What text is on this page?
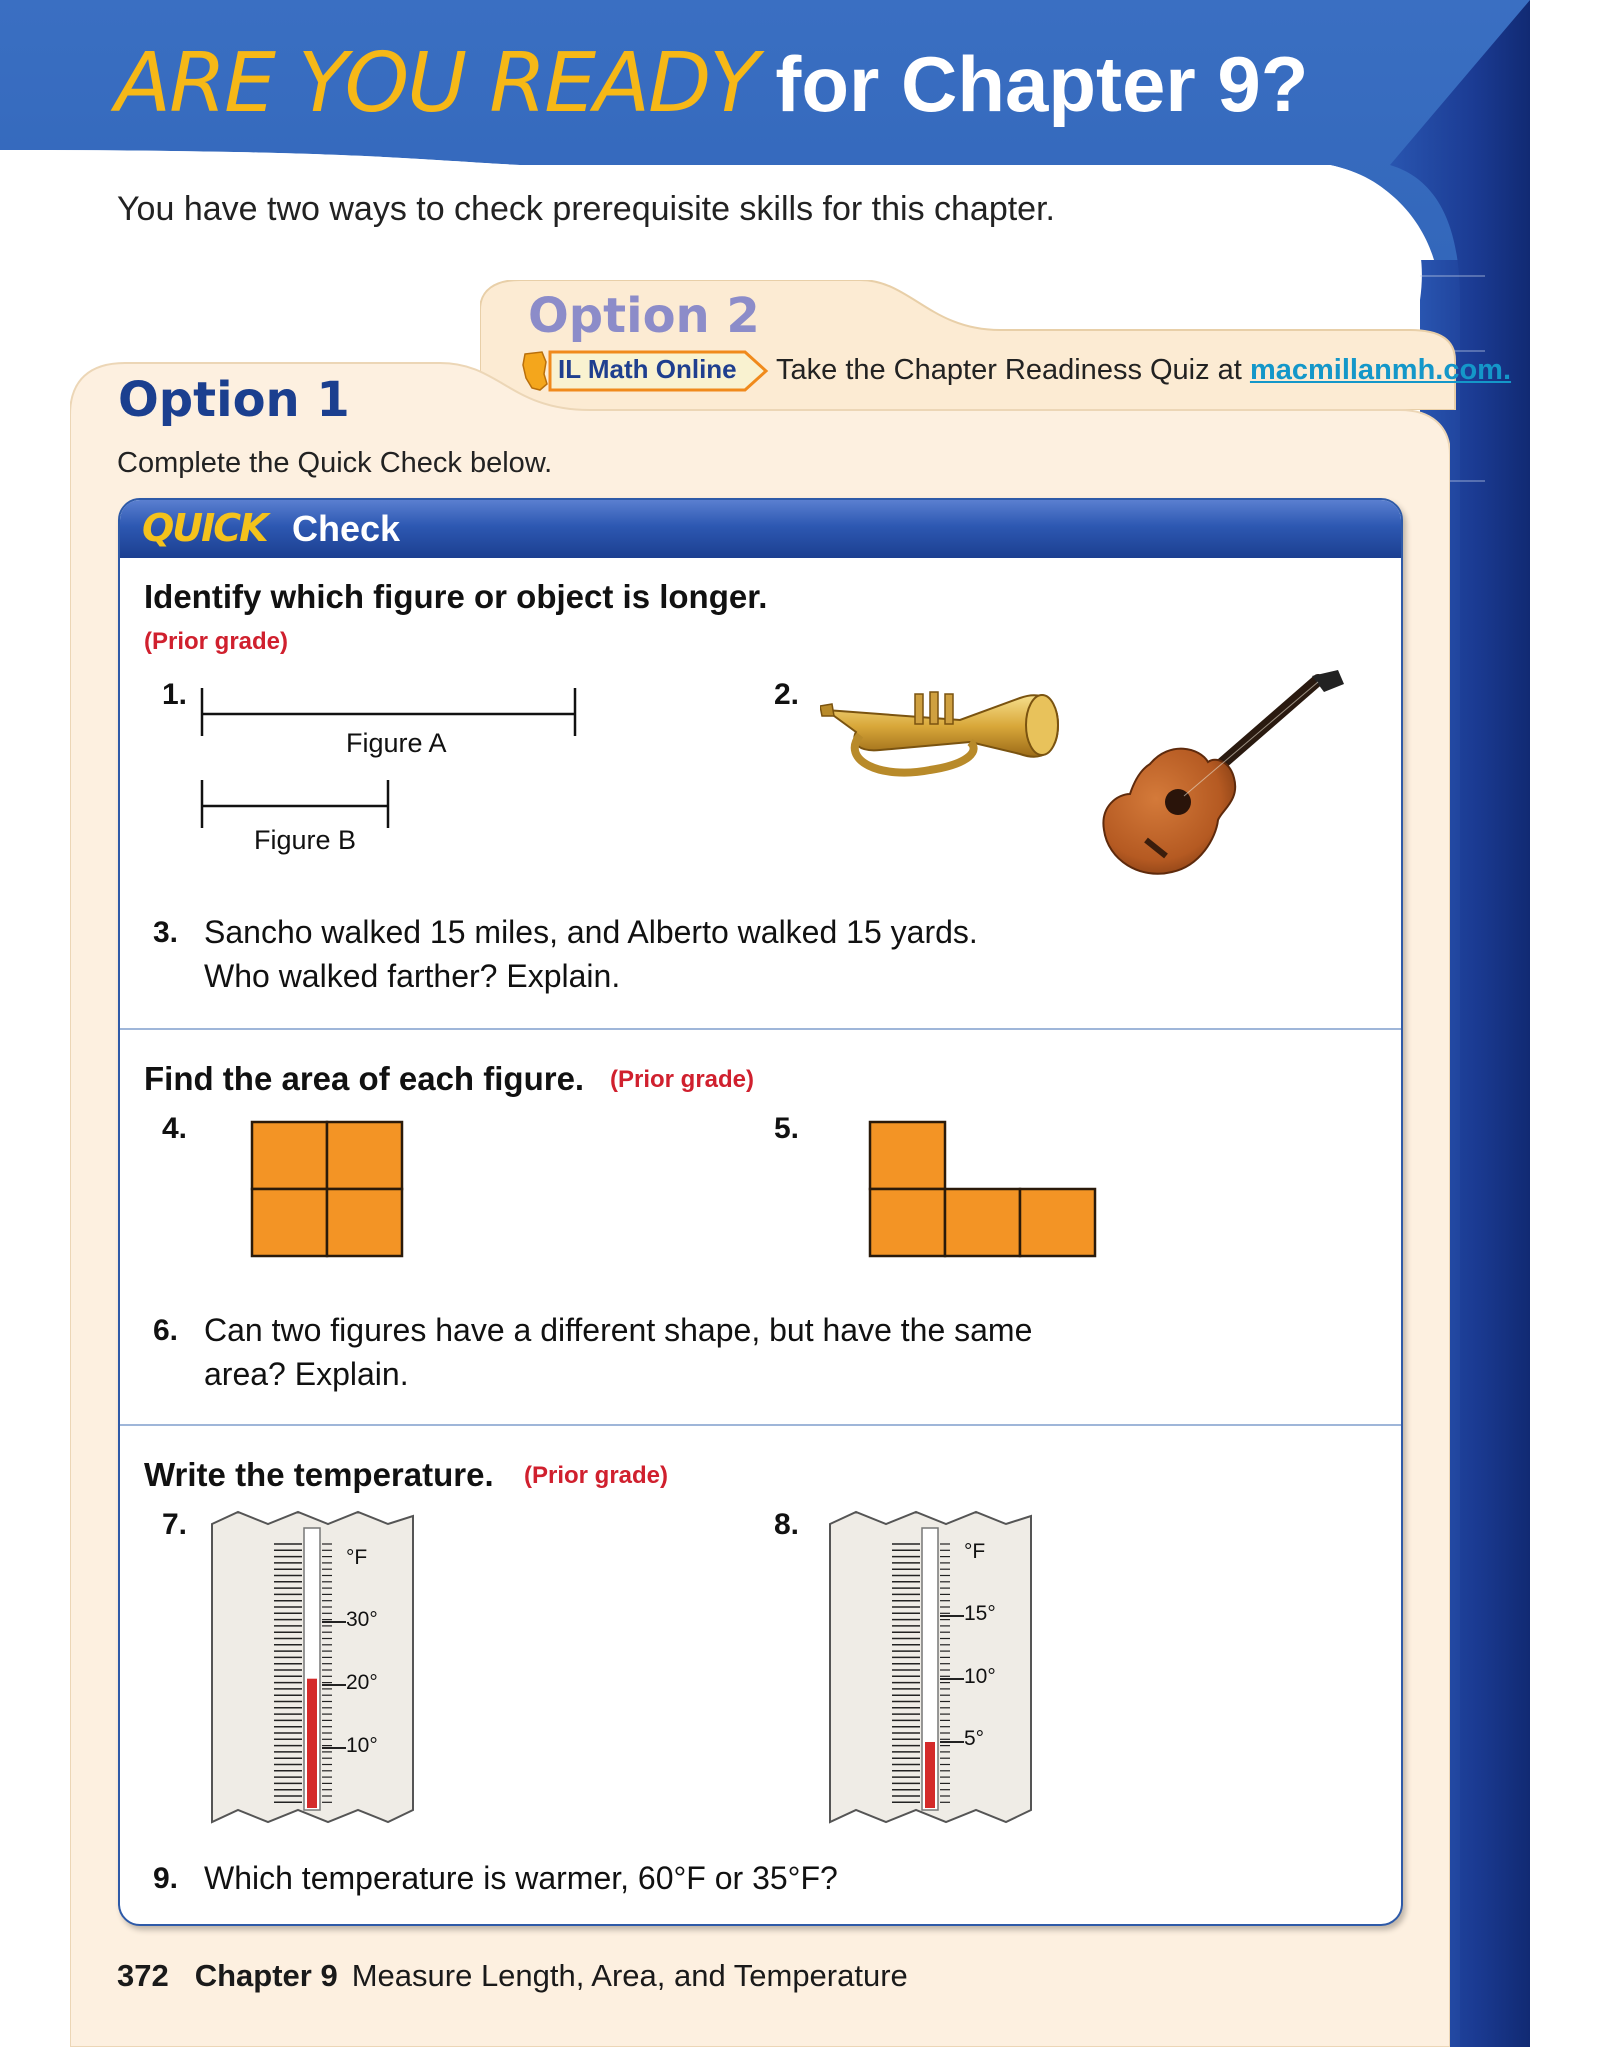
ARE YOU READY for Chapter 9?
You have two ways to check prerequisite skills for this chapter.
Option 2
IL Math Online Take the Chapter Readiness Quiz at macmillanmh.com.
Option 1
Complete the Quick Check below.
QUICK Check
Identify which figure or object is longer.
(Prior grade)
1.
Figure A
Figure B
2.
3. Sancho walked 15 miles, and Alberto walked 15 yards.
Who walked farther? Explain.
Find the area of each figure. (Prior grade)
4.	5.
6. Can two figures have a different shape, but have the same
area? Explain.
Write the temperature. (Prior grade)
7.
°F
30°
20°
10°
8.
°F
15°
10°
5°
9. Which temperature is warmer, 60°F or 35°F?
372 Chapter 9 Measure Length, Area, and Temperature
